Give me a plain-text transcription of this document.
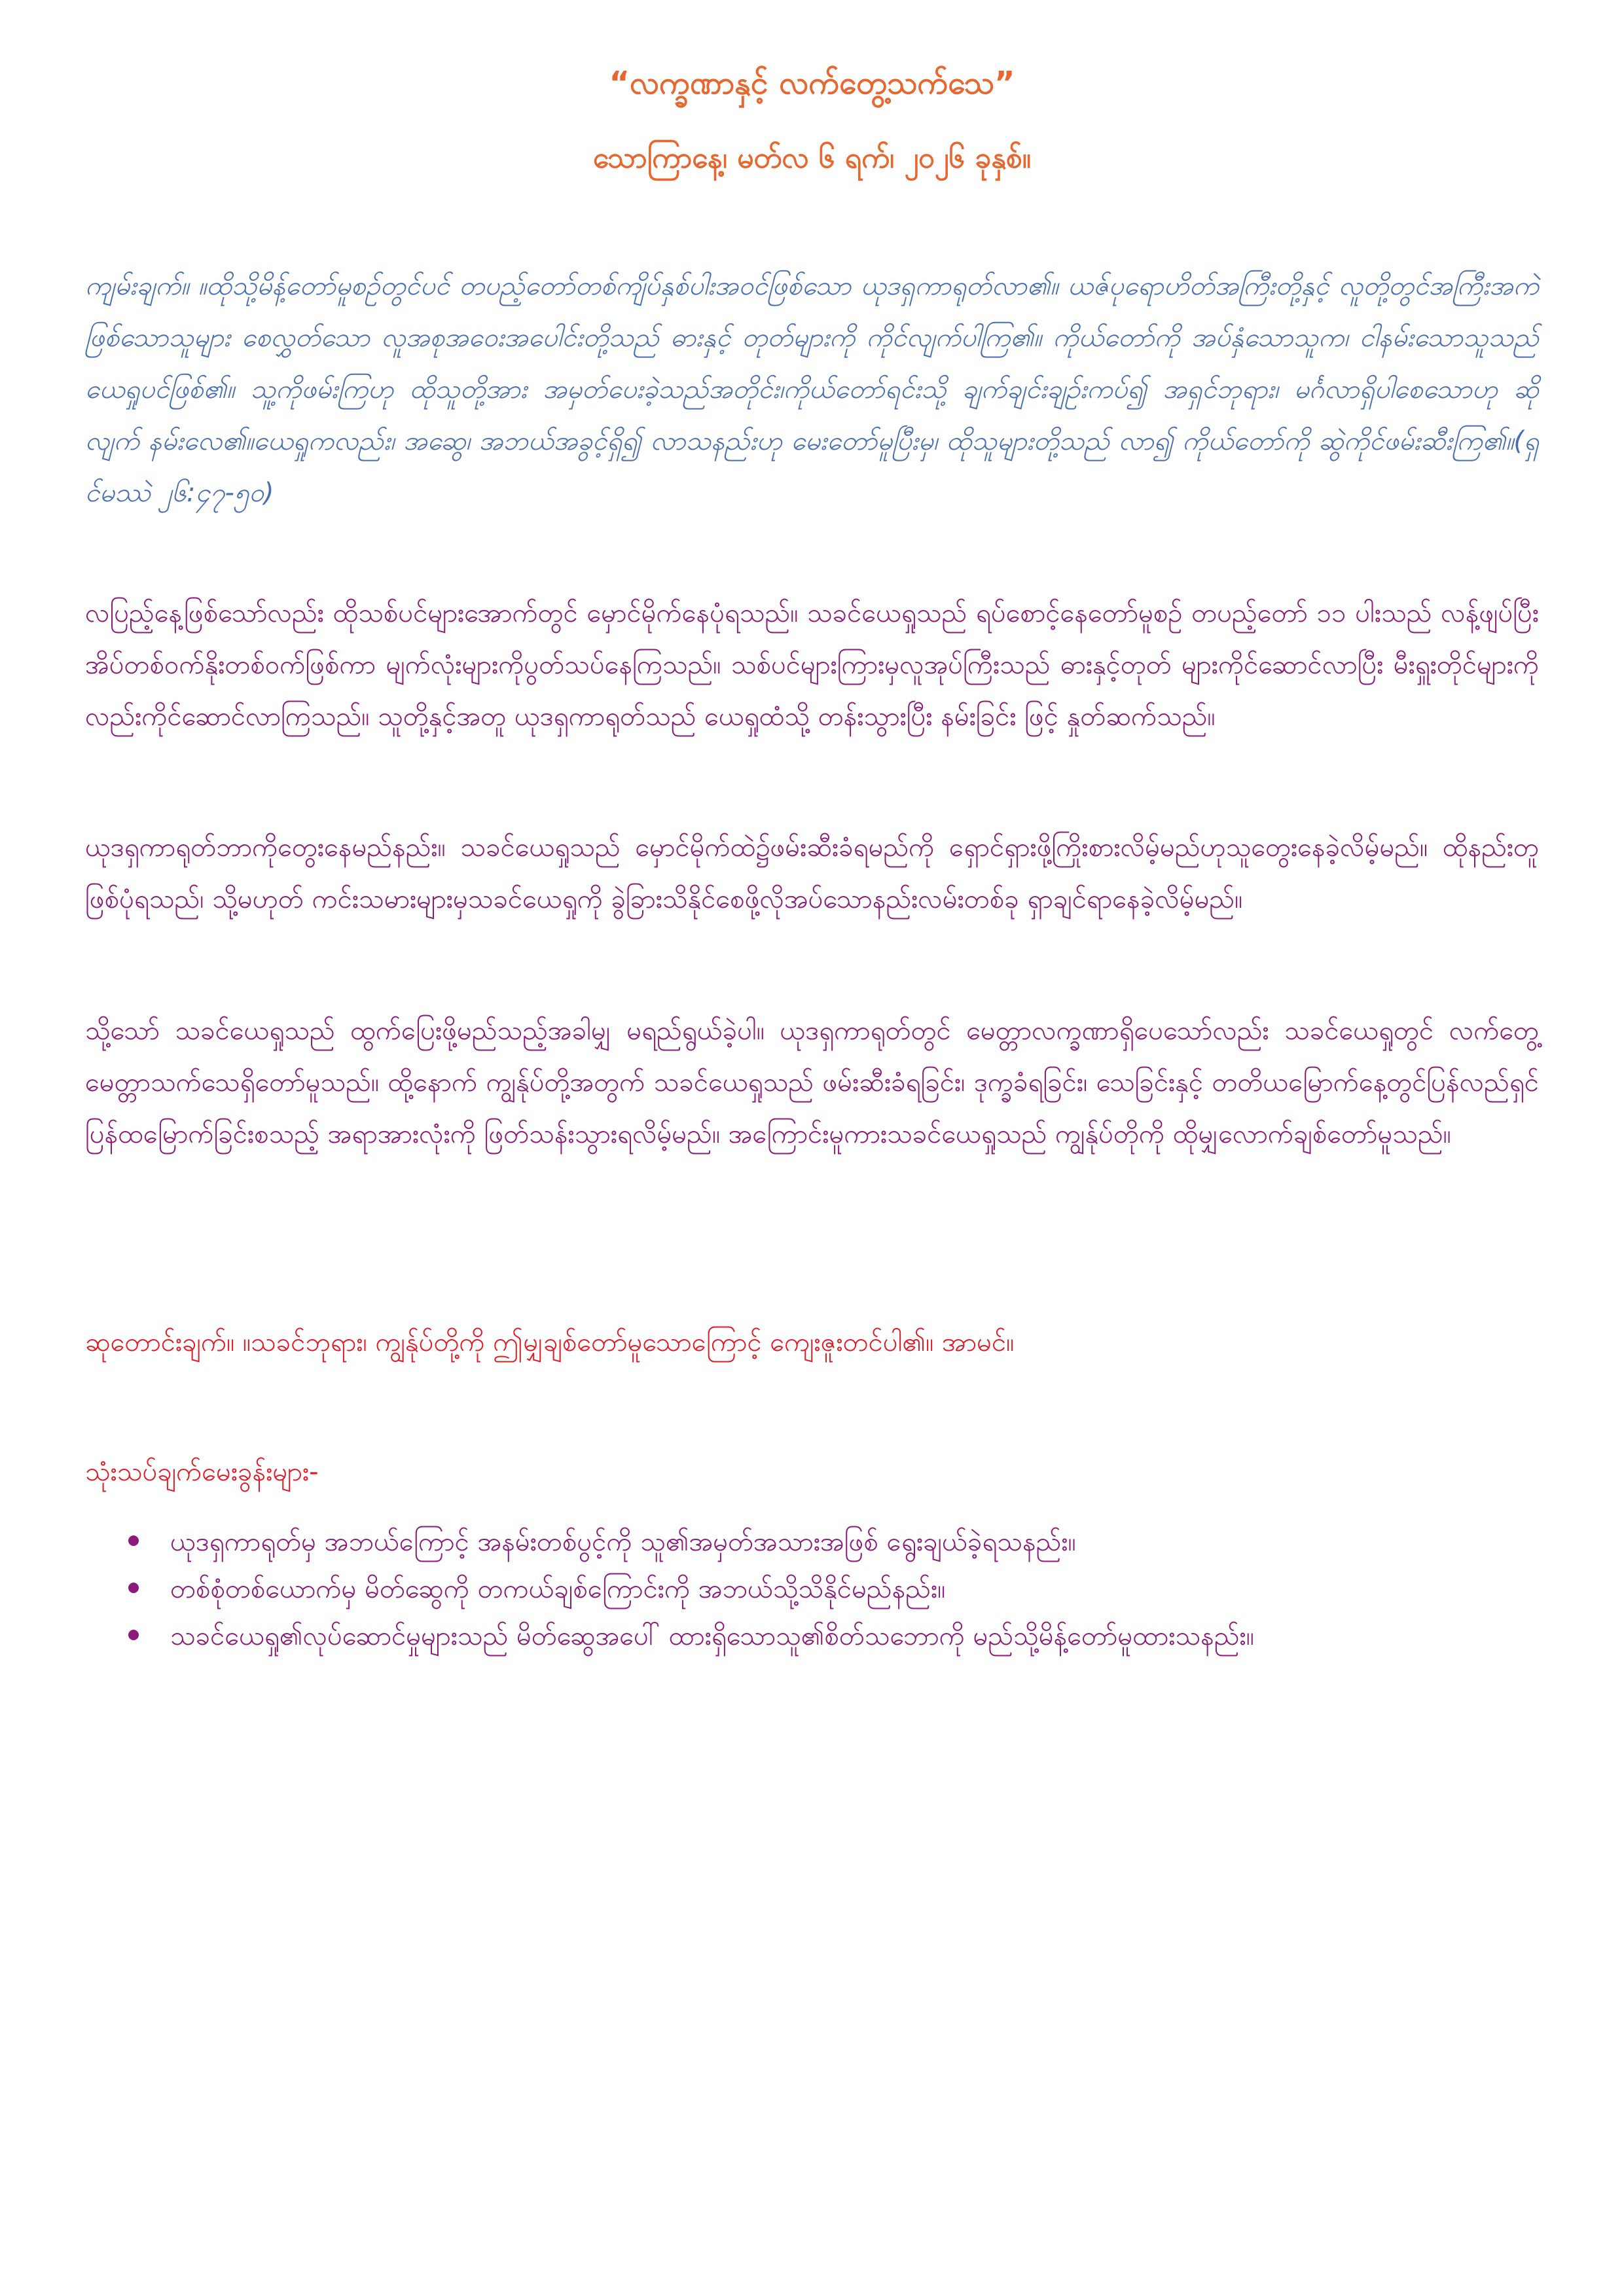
“လက္ခဏာနှင့် လက်တွေ့သက်သေ”
သောကြာနေ့၊ မတ်လ ၆ ရက်၊ ၂၀၂၆ ခုနှစ်။

ကျမ်းချက်။ ။ထိုသို့မိန့်တော်မူစဉ်တွင်ပင် တပည့်တော်တစ်ကျိပ်နှစ်ပါးအဝင်ဖြစ်သော ယုဒရှကာရုတ်လာ၏။ ယဇ်ပုရောဟိတ်အကြီးတို့နှင့် လူတို့တွင်အကြီးအကဲဖြစ်သောသူများ စေလွှတ်သော လူအစုအဝေးအပေါင်းတို့သည် ဓားနှင့် တုတ်များကို ကိုင်လျက်ပါကြ၏။ ကိုယ်တော်ကို အပ်နှံသောသူက၊ ငါနမ်းသောသူသည် ယေရှုပင်ဖြစ်၏။ သူ့ကိုဖမ်းကြဟု ထိုသူတို့အား အမှတ်ပေးခဲ့သည်အတိုင်း၊ကိုယ်တော်ရင်းသို့ ချက်ချင်းချဉ်းကပ်၍ အရှင်ဘုရား၊ မင်္ဂလာရှိပါစေသောဟု ဆိုလျက် နမ်းလေ၏။ယေရှုကလည်း၊ အဆွေ၊ အဘယ်အခွင့်ရှိ၍ လာသနည်းဟု မေးတော်မူပြီးမှ၊ ထိုသူများတို့သည် လာ၍ ကိုယ်တော်ကို ဆွဲကိုင်ဖမ်းဆီးကြ၏။(ရှင်မဿဲ ၂၆:၄၇-၅၀)

လပြည့်နေ့ဖြစ်သော်လည်း ထိုသစ်ပင်များအောက်တွင် မှောင်မိုက်နေပုံရသည်။ သခင်ယေရှုသည် ရပ်စောင့်နေတော်မူစဉ် တပည့်တော် ၁၁ ပါးသည် လန့်ဖျပ်ပြီး အိပ်တစ်ဝက်နိုးတစ်ဝက်ဖြစ်ကာ မျက်လုံးများကိုပွတ်သပ်နေကြသည်။ သစ်ပင်များကြားမှလူအုပ်ကြီးသည် ဓားနှင့်တုတ် များကိုင်ဆောင်လာပြီး မီးရှူးတိုင်များကိုလည်းကိုင်ဆောင်လာကြသည်။ သူတို့နှင့်အတူ ယုဒရှကာရုတ်သည် ယေရှုထံသို့ တန်းသွားပြီး နမ်းခြင်း ဖြင့် နှုတ်ဆက်သည်။

ယုဒရှကာရုတ်ဘာကိုတွေးနေမည်နည်း။ သခင်ယေရှုသည် မှောင်မိုက်ထဲ၌ဖမ်းဆီးခံရမည်ကို ရှောင်ရှားဖို့ကြိုးစားလိမ့်မည်ဟုသူတွေးနေခဲ့လိမ့်မည်။ ထိုနည်းတူဖြစ်ပုံရသည်၊ သို့မဟုတ် ကင်းသမားများမှသခင်ယေရှုကို ခွဲခြားသိနိုင်စေဖို့လိုအပ်သောနည်းလမ်းတစ်ခု ရှာချင်ရာနေခဲ့လိမ့်မည်။

သို့သော် သခင်ယေရှုသည် ထွက်ပြေးဖို့မည်သည့်အခါမျှ မရည်ရွယ်ခဲ့ပါ။ ယုဒရှကာရုတ်တွင် မေတ္တာလက္ခဏာရှိပေသော်လည်း သခင်ယေရှုတွင် လက်တွေ့မေတ္တာသက်သေရှိတော်မူသည်။ ထို့နောက် ကျွန်ုပ်တို့အတွက် သခင်ယေရှုသည် ဖမ်းဆီးခံရခြင်း၊ ဒုက္ခခံရခြင်း၊ သေခြင်းနှင့် တတိယမြောက်နေ့တွင်ပြန်လည်ရှင်ပြန်ထမြောက်ခြင်းစသည့် အရာအားလုံးကို ဖြတ်သန်းသွားရလိမ့်မည်။ အကြောင်းမူကားသခင်ယေရှုသည် ကျွန်ုပ်တိုကို ထိုမျှလောက်ချစ်တော်မူသည်။

ဆုတောင်းချက်။ ။သခင်ဘုရား၊ ကျွန်ုပ်တို့ကို ဤမျှချစ်တော်မူသောကြောင့် ကျေးဇူးတင်ပါ၏။ အာမင်။

သုံးသပ်ချက်မေးခွန်းများ-

ယုဒရှကာရုတ်မှ အဘယ်ကြောင့် အနမ်းတစ်ပွင့်ကို သူ၏အမှတ်အသားအဖြစ် ရွေးချယ်ခဲ့ရသနည်း။
တစ်စုံတစ်ယောက်မှ မိတ်ဆွေကို တကယ်ချစ်ကြောင်းကို အဘယ်သို့သိနိုင်မည်နည်း။
သခင်ယေရှု၏လုပ်ဆောင်မှုများသည် မိတ်ဆွေအပေါ် ထားရှိသောသူ၏စိတ်သဘောကို မည်သို့မိန့်တော်မူထားသနည်း။
